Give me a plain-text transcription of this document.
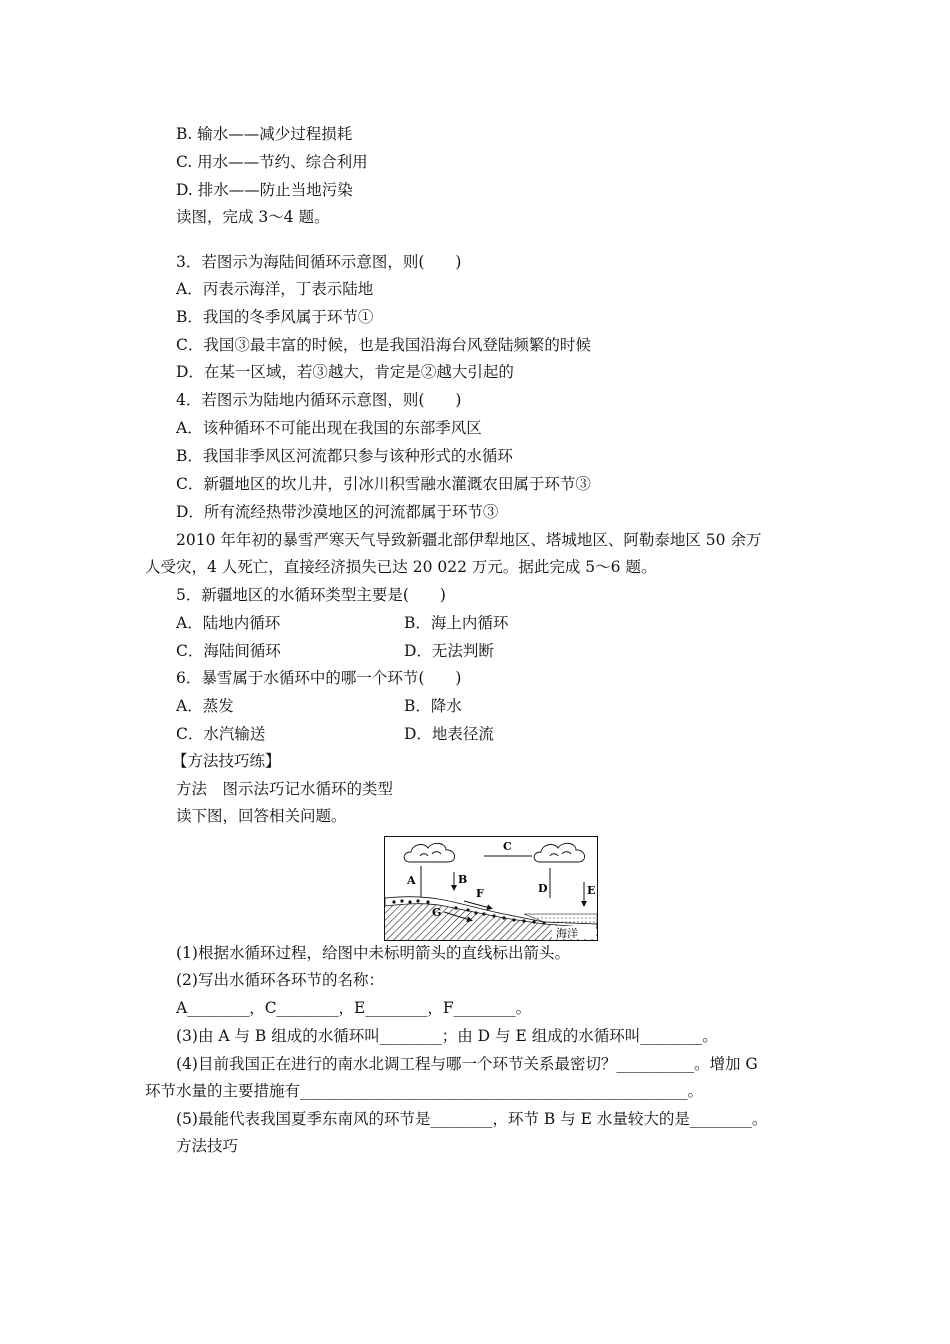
B. 输水——减少过程损耗
C. 用水——节约、综合利用
D. 排水——防止当地污染
读图，完成 3～4 题。
3．若图示为海陆间循环示意图，则(　　)
A．丙表示海洋，丁表示陆地
B．我国的冬季风属于环节①
C．我国③最丰富的时候，也是我国沿海台风登陆频繁的时候
D．在某一区域，若③越大，肯定是②越大引起的
4．若图示为陆地内循环示意图，则(　　)
A．该种循环不可能出现在我国的东部季风区
B．我国非季风区河流都只参与该种形式的水循环
C．新疆地区的坎儿井，引冰川积雪融水灌溉农田属于环节③
D．所有流经热带沙漠地区的河流都属于环节③
2010 年年初的暴雪严寒天气导致新疆北部伊犁地区、塔城地区、阿勒泰地区 50 余万
人受灾，4 人死亡，直接经济损失已达 20 022 万元。据此完成 5～6 题。
5．新疆地区的水循环类型主要是(　　)
A．陆地内循环	B．海上内循环
C．海陆间循环	D．无法判断
6．暴雪属于水循环中的哪一个环节(　　)
A．蒸发	B．降水
C．水汽输送	D．地表径流
【方法技巧练】
方法　图示法巧记水循环的类型
读下图，回答相关问题。
C
A	B
F	D	E
G
海洋
(1)根据水循环过程，给图中未标明箭头的直线标出箭头。
(2)写出水循环各环节的名称：
A________，C________，E________，F________。
(3)由 A 与 B 组成的水循环叫________；由 D 与 E 组成的水循环叫________。
(4)目前我国正在进行的南水北调工程与哪一个环节关系最密切？__________。增加 G
环节水量的主要措施有__________________________________________________。
(5)最能代表我国夏季东南风的环节是________，环节 B 与 E 水量较大的是________。
方法技巧
